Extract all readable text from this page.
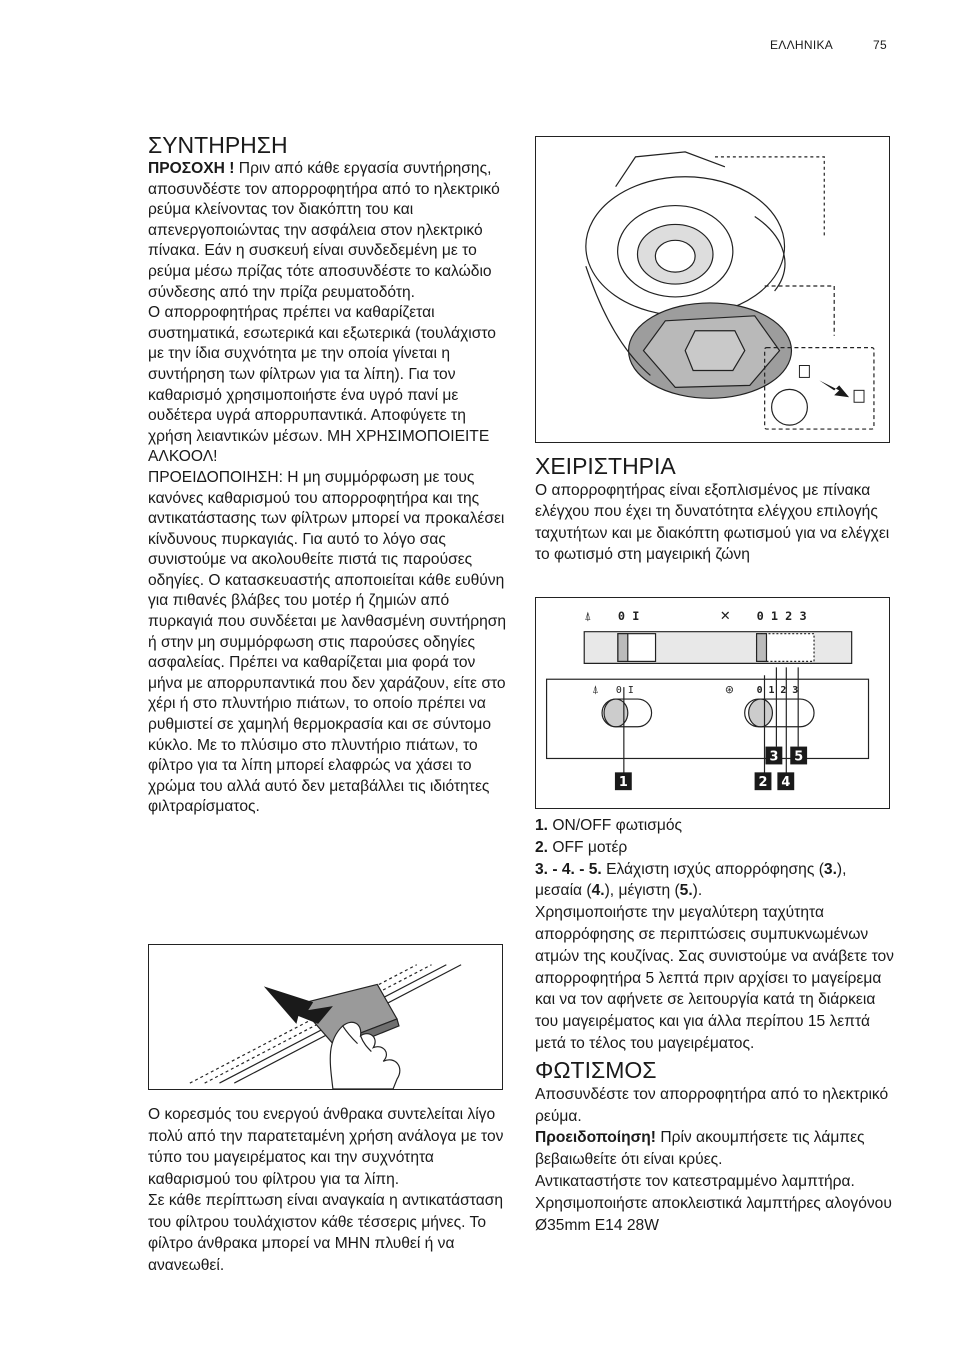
ΕΛΛΗΝΙΚΑ	75
ΣΥΝΤΗΡΗΣΗ

ΠΡΟΣΟΧΗ ! Πριν από κάθε εργασία συντήρησης, αποσυνδέστε τον απορροφητήρα από το ηλεκτρικό ρεύμα κλείνοντας τον διακόπτη του και απενεργοποιώντας την ασφάλεια στον ηλεκτρικό πίνακα. Εάν η συσκευή είναι συνδεδεμένη με το ρεύμα μέσω πρίζας τότε αποσυνδέστε το καλώδιο σύνδεσης από την πρίζα ρευματοδότη.

Ο απορροφητήρας πρέπει να καθαρίζεται συστηματικά, εσωτερικά και εξωτερικά (τουλάχιστο με την ίδια συχνότητα με την οποία γίνεται η συντήρηση των φίλτρων για τα λίπη). Για τον καθαρισμό χρησιμοποιήστε ένα υγρό πανί με ουδέτερα υγρά απορρυπαντικά. Αποφύγετε τη χρήση λειαντικών μέσων. ΜΗ ΧΡΗΣΙΜΟΠΟΙΕΙΤΕ ΑΛΚΟΟΛ!

ΠΡΟΕΙΔΟΠΟΙΗΣΗ: Η μη συμμόρφωση με τους κανόνες καθαρισμού του απορροφητήρα και της αντικατάστασης των φίλτρων μπορεί να προκαλέσει κίνδυνους πυρκαγιάς. Για αυτό το λόγο σας συνιστούμε να ακολουθείτε πιστά τις παρούσες οδηγίες. Ο κατασκευαστής αποποιείται κάθε ευθύνη για πιθανές βλάβες του μοτέρ ή ζημιών από πυρκαγιά που συνδέεται με λανθασμένη συντήρηση ή στην μη συμμόρφωση στις παρούσες οδηγίες ασφαλείας. Πρέπει να καθαρίζεται μια φορά τον μήνα με απορρυπαντικά που δεν χαράζουν, είτε στο χέρι ή στο πλυντήριο πιάτων, το οποίο πρέπει να ρυθμιστεί σε χαμηλή θερμοκρασία και σε σύντομο κύκλο. Με το πλύσιμο στο πλυντήριο πιάτων, το φίλτρο για τα λίπη μπορεί ελαφρώς να χάσει το χρώμα του αλλά αυτό δεν μεταβάλλει τις ιδιότητες φιλτραρίσματος.

Ο κορεσμός του ενεργού άνθρακα συντελείται λίγο πολύ από την παρατεταμένη χρήση ανάλογα με τον τύπο του μαγειρέματος και την συχνότητα καθαρισμού του φίλτρου για τα λίπη.

Σε κάθε περίπτωση είναι αναγκαία η αντικατάσταση του φίλτρου τουλάχιστον κάθε τέσσερις μήνες. Το φίλτρο άνθρακα μπορεί να ΜΗΝ πλυθεί ή να ανανεωθεί.

ΧΕΙΡΙΣΤΗΡΙΑ

Ο απορροφητήρας είναι εξοπλισμένος με πίνακα ελέγχου που έχει τη δυνατότητα ελέγχου επιλογής ταχυτήτων και με διακόπτη φωτισμού για να ελέγχει το φωτισμό στη μαγειρική ζώνη

⍋ 0 I	✕ 0 1 2 3
⍋ 0 I	⊛ 0 1 2 3
1	2
3
4
5

1. ON/OFF φωτισμός

2. OFF μοτέρ

3. - 4. - 5. Ελάχιστη ισχύς απορρόφησης (3.), μεσαία (4.), μέγιστη (5.).

Χρησιμοποιήστε την μεγαλύτερη ταχύτητα απορρόφησης σε περιπτώσεις συμπυκνωμένων ατμών της κουζίνας. Σας συνιστούμε να ανάβετε τον απορροφητήρα 5 λεπτά πριν αρχίσει το μαγείρεμα και να τον αφήνετε σε λειτουργία κατά τη διάρκεια του μαγειρέματος και για άλλα περίπου 15 λεπτά μετά το τέλος του μαγειρέματος.

ΦΩΤΙΣΜΟΣ

Αποσυνδέστε τον απορροφητήρα από το ηλεκτρικό ρεύμα.

Προειδοποίηση! Πρίν ακουμπήσετε τις λάμπες βεβαιωθείτε ότι είναι κρύες.

Αντικαταστήστε τον κατεστραμμένο λαμπτήρα.

Χρησιμοποιήστε αποκλειστικά λαμπτήρες αλογόνου Ø35mm E14 28W
